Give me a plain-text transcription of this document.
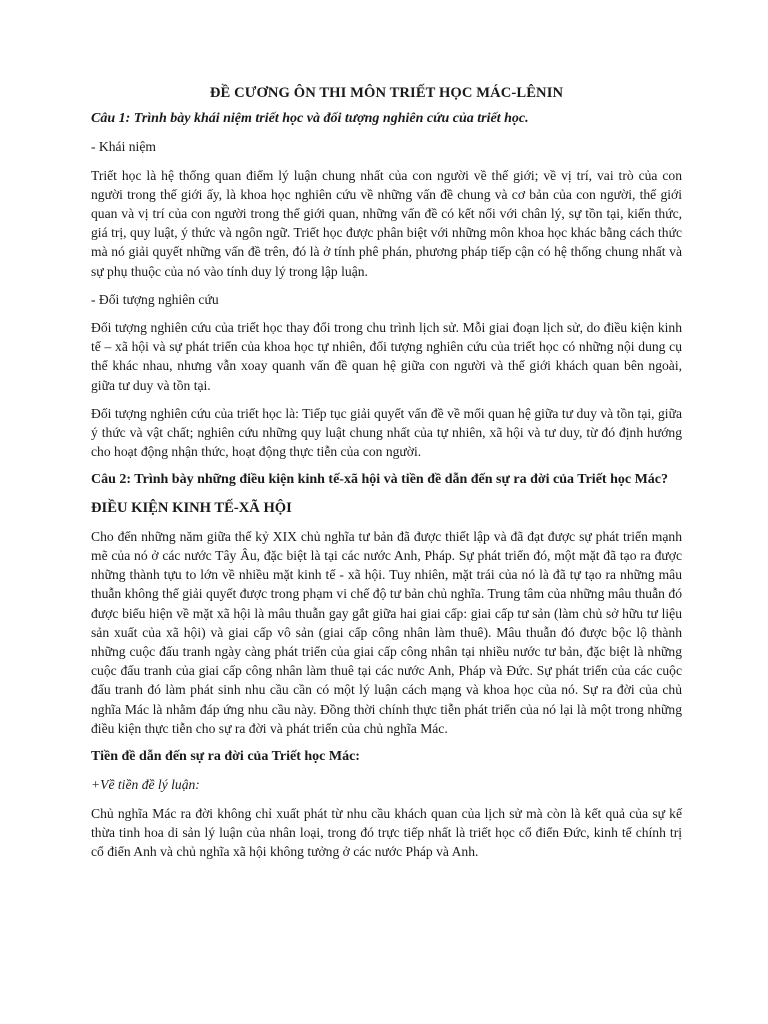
ĐỀ CƯƠNG ÔN THI MÔN TRIẾT HỌC MÁC-LÊNIN
Câu 1: Trình bày khái niệm triết học và đối tượng nghiên cứu của triết học.
- Khái niệm

Triết học là hệ thống quan điểm lý luận chung nhất của con người về thế giới; về vị trí, vai trò của con người trong thế giới ấy, là khoa học nghiên cứu về những vấn đề chung và cơ bản của con người, thế giới quan và vị trí của con người trong thế giới quan, những vấn đề có kết nối với chân lý, sự tồn tại, kiến thức, giá trị, quy luật, ý thức và ngôn ngữ. Triết học được phân biệt với những môn khoa học khác bằng cách thức mà nó giải quyết những vấn đề trên, đó là ở tính phê phán, phương pháp tiếp cận có hệ thống chung nhất và sự phụ thuộc của nó vào tính duy lý trong lập luận.

- Đối tượng nghiên cứu

Đối tượng nghiên cứu của triết học thay đổi trong chu trình lịch sử. Mỗi giai đoạn lịch sử, do điều kiện kinh tế – xã hội và sự phát triển của khoa học tự nhiên, đối tượng nghiên cứu của triết học có những nội dung cụ thể khác nhau, nhưng vẫn xoay quanh vấn đề quan hệ giữa con người và thế giới khách quan bên ngoài, giữa tư duy và tồn tại.

Đối tượng nghiên cứu của triết học là: Tiếp tục giải quyết vấn đề về mối quan hệ giữa tư duy và tồn tại, giữa ý thức và vật chất; nghiên cứu những quy luật chung nhất của tự nhiên, xã hội và tư duy, từ đó định hướng cho hoạt động nhận thức, hoạt động thực tiễn của con người.

Câu 2: Trình bày những điều kiện kinh tế-xã hội và tiền đề dẫn đến sự ra đời của Triết học Mác?
ĐIỀU KIỆN KINH TẾ-XÃ HỘI

Cho đến những năm giữa thế kỷ XIX chủ nghĩa tư bản đã được thiết lập và đã đạt được sự phát triển mạnh mẽ của nó ở các nước Tây Âu, đặc biệt là tại các nước Anh, Pháp. Sự phát triển đó, một mặt đã tạo ra được những thành tựu to lớn về nhiều mặt kinh tế - xã hội. Tuy nhiên, mặt trái của nó là đã tự tạo ra những mâu thuẫn không thể giải quyết được trong phạm vi chế độ tư bản chủ nghĩa. Trung tâm của những mâu thuẫn đó được biểu hiện về mặt xã hội là mâu thuẫn gay gắt giữa hai giai cấp: giai cấp tư sản (làm chủ sở hữu tư liệu sản xuất của xã hội) và giai cấp vô sản (giai cấp công nhân làm thuê). Mâu thuẫn đó được bộc lộ thành những cuộc đấu tranh ngày càng phát triển của giai cấp công nhân tại nhiều nước tư bản, đặc biệt là những cuộc đấu tranh của giai cấp công nhân làm thuê tại các nước Anh, Pháp và Đức. Sự phát triển của các cuộc đấu tranh đó làm phát sinh nhu cầu cần có một lý luận cách mạng và khoa học của nó. Sự ra đời của chủ nghĩa Mác là nhằm đáp ứng nhu cầu này. Đồng thời chính thực tiễn phát triển của nó lại là một trong những điều kiện thực tiễn cho sự ra đời và phát triển của chủ nghĩa Mác.

Tiền đề dẫn đến sự ra đời của Triết học Mác:
+Về tiền đề lý luận:

Chủ nghĩa Mác ra đời không chỉ xuất phát từ nhu cầu khách quan của lịch sử mà còn là kết quả của sự kế thừa tinh hoa di sản lý luận của nhân loại, trong đó trực tiếp nhất là triết học cổ điển Đức, kinh tế chính trị cổ điển Anh và chủ nghĩa xã hội không tưởng ở các nước Pháp và Anh.
